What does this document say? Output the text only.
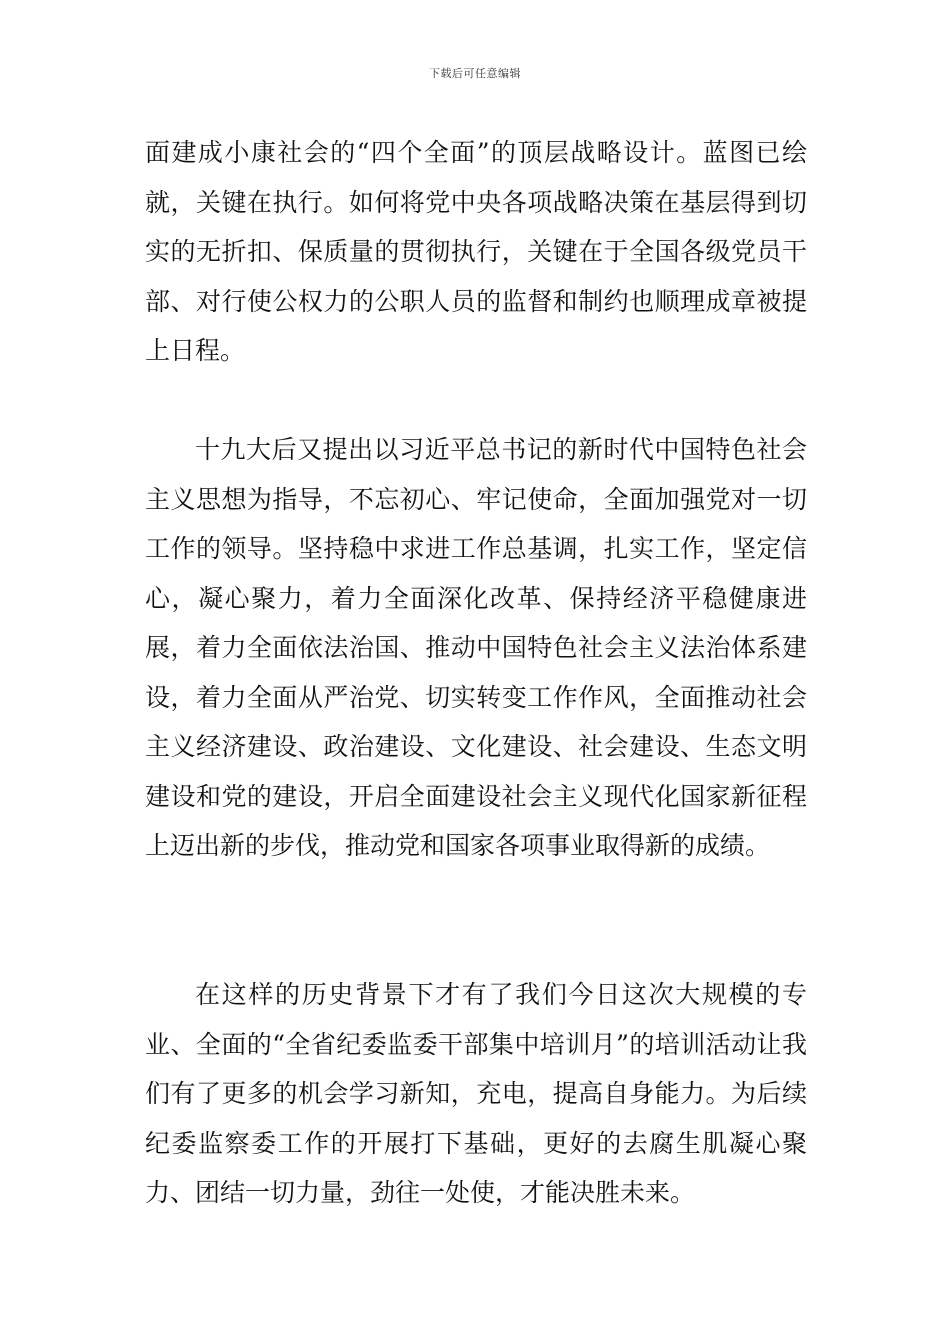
下载后可任意编辑

面建成小康社会的“四个全面”的顶层战略设计。蓝图已绘就，关键在执行。如何将党中央各项战略决策在基层得到切实的无折扣、保质量的贯彻执行，关键在于全国各级党员干部、对行使公权力的公职人员的监督和制约也顺理成章被提上日程。

十九大后又提出以习近平总书记的新时代中国特色社会主义思想为指导，不忘初心、牢记使命，全面加强党对一切工作的领导。坚持稳中求进工作总基调，扎实工作，坚定信心，凝心聚力，着力全面深化改革、保持经济平稳健康进展，着力全面依法治国、推动中国特色社会主义法治体系建设，着力全面从严治党、切实转变工作作风，全面推动社会主义经济建设、政治建设、文化建设、社会建设、生态文明建设和党的建设，开启全面建设社会主义现代化国家新征程上迈出新的步伐，推动党和国家各项事业取得新的成绩。

在这样的历史背景下才有了我们今日这次大规模的专业、全面的“全省纪委监委干部集中培训月”的培训活动让我们有了更多的机会学习新知，充电，提高自身能力。为后续纪委监察委工作的开展打下基础，更好的去腐生肌凝心聚力、团结一切力量，劲往一处使，才能决胜未来。
